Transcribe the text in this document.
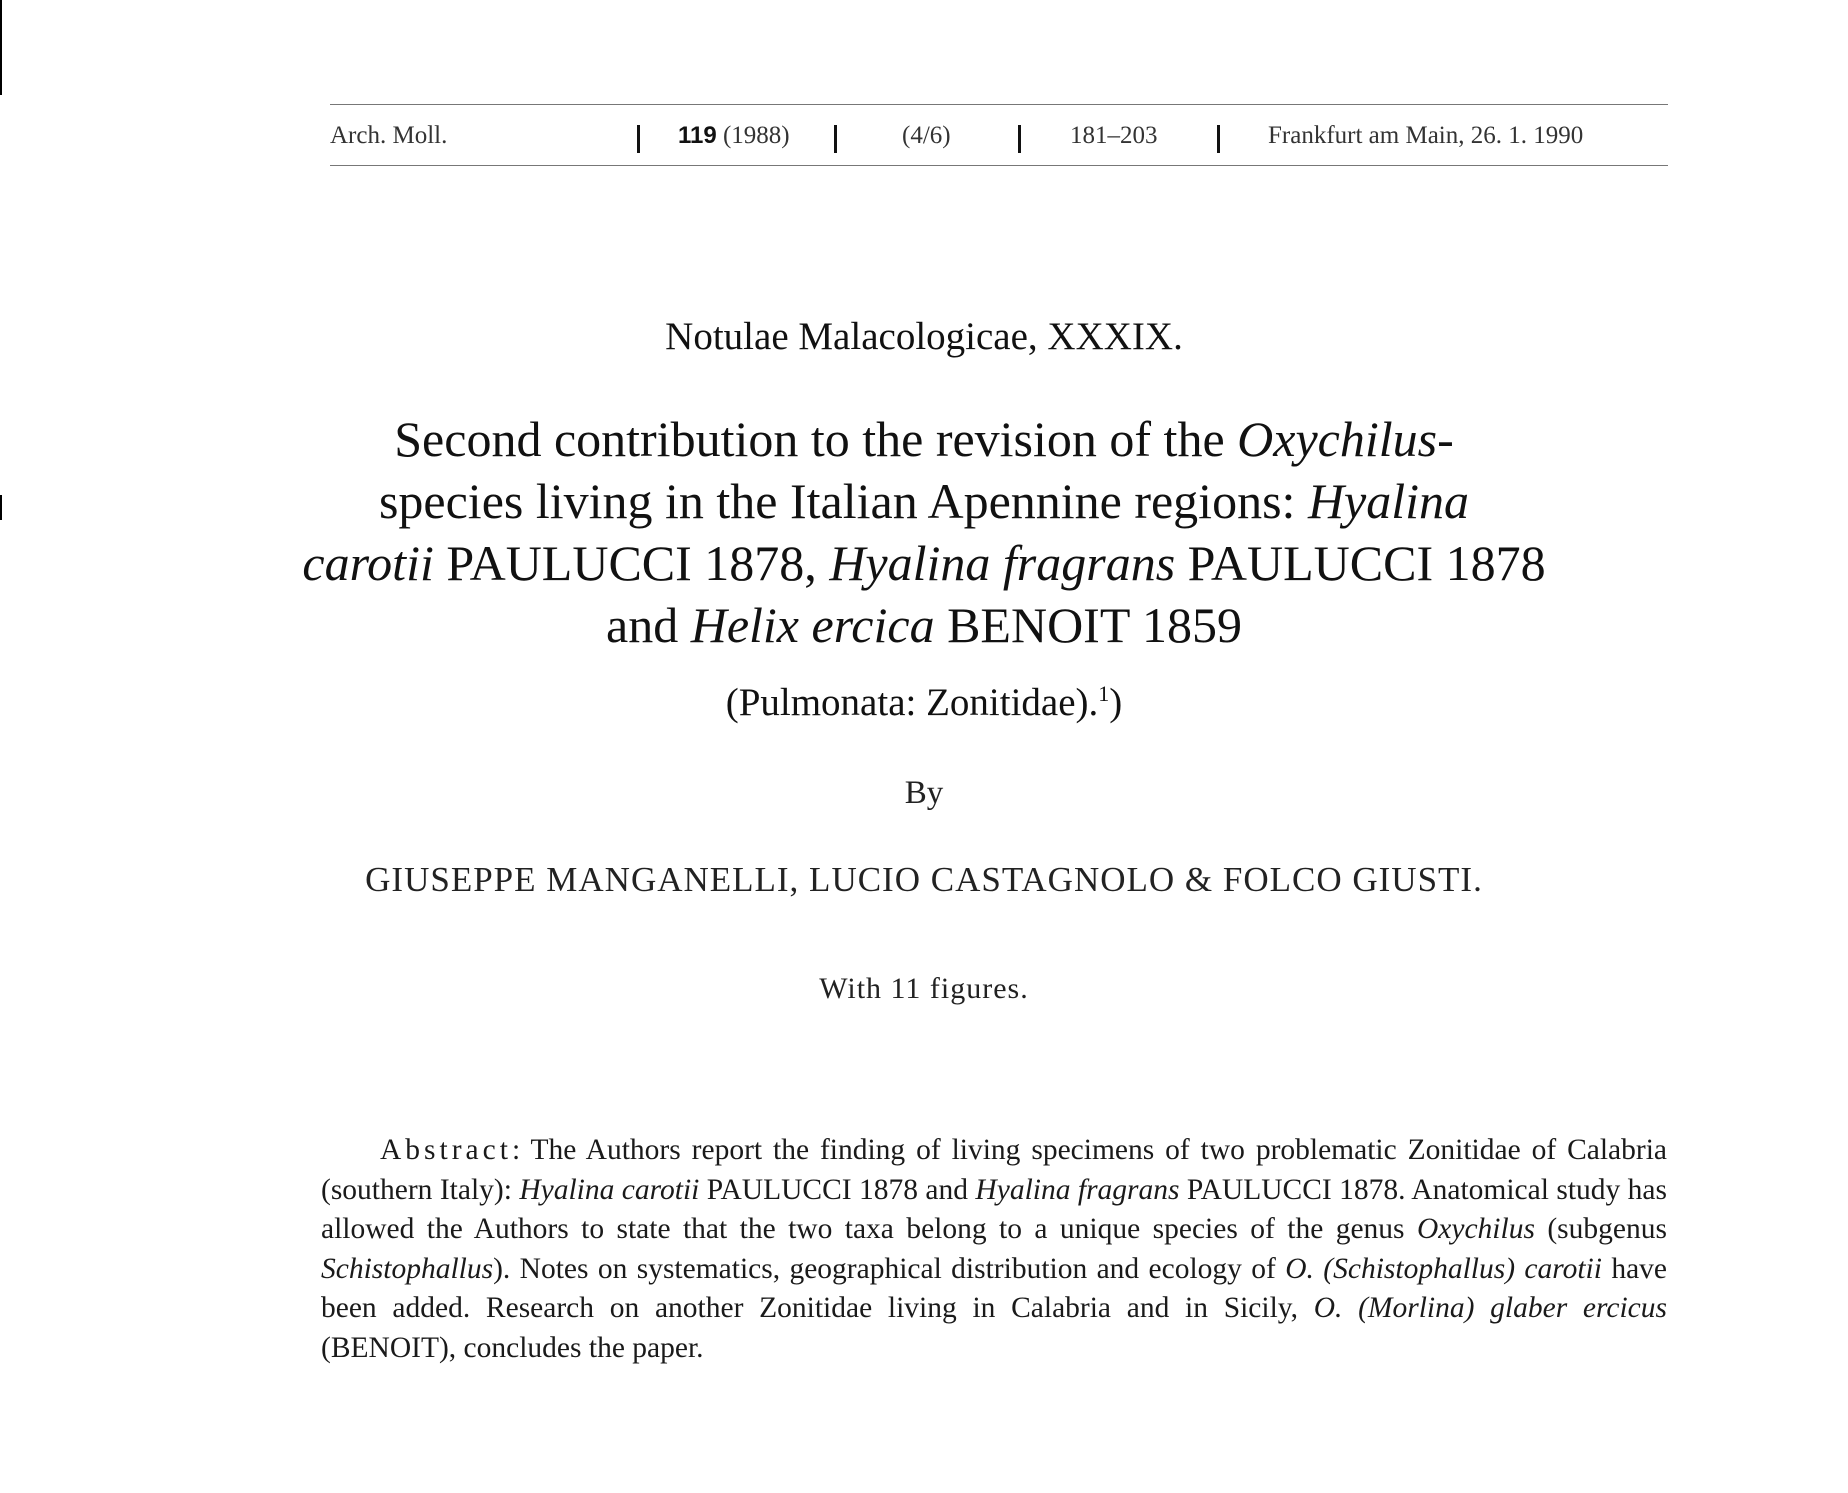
Arch. Moll.	119 (1988)	(4/6)	181–203	Frankfurt am Main, 26. 1. 1990
Notulae Malacologicae, XXXIX.
Second contribution to the revision of the Oxychilus-
species living in the Italian Apennine regions: Hyalina
carotii PAULUCCI 1878, Hyalina fragrans PAULUCCI 1878
and Helix ercica BENOIT 1859
(Pulmonata: Zonitidae).$^1$)
By
GIUSEPPE MANGANELLI, LUCIO CASTAGNOLO & FOLCO GIUSTI.
With 11 figures.
Abstract: The Authors report the finding of living specimens of two problematic Zonitidae of Calabria (southern Italy): Hyalina carotii PAULUCCI 1878 and Hyalina fragrans PAULUCCI 1878. Anatomical study has allowed the Authors to state that the two taxa belong to a unique species of the genus Oxychilus (subgenus Schistophallus). Notes on systematics, geographical distribution and ecology of O. (Schistophallus) carotii have been added. Research on another Zonitidae living in Calabria and in Sicily, O. (Morlina) glaber ercicus (BENOIT), concludes the paper.
